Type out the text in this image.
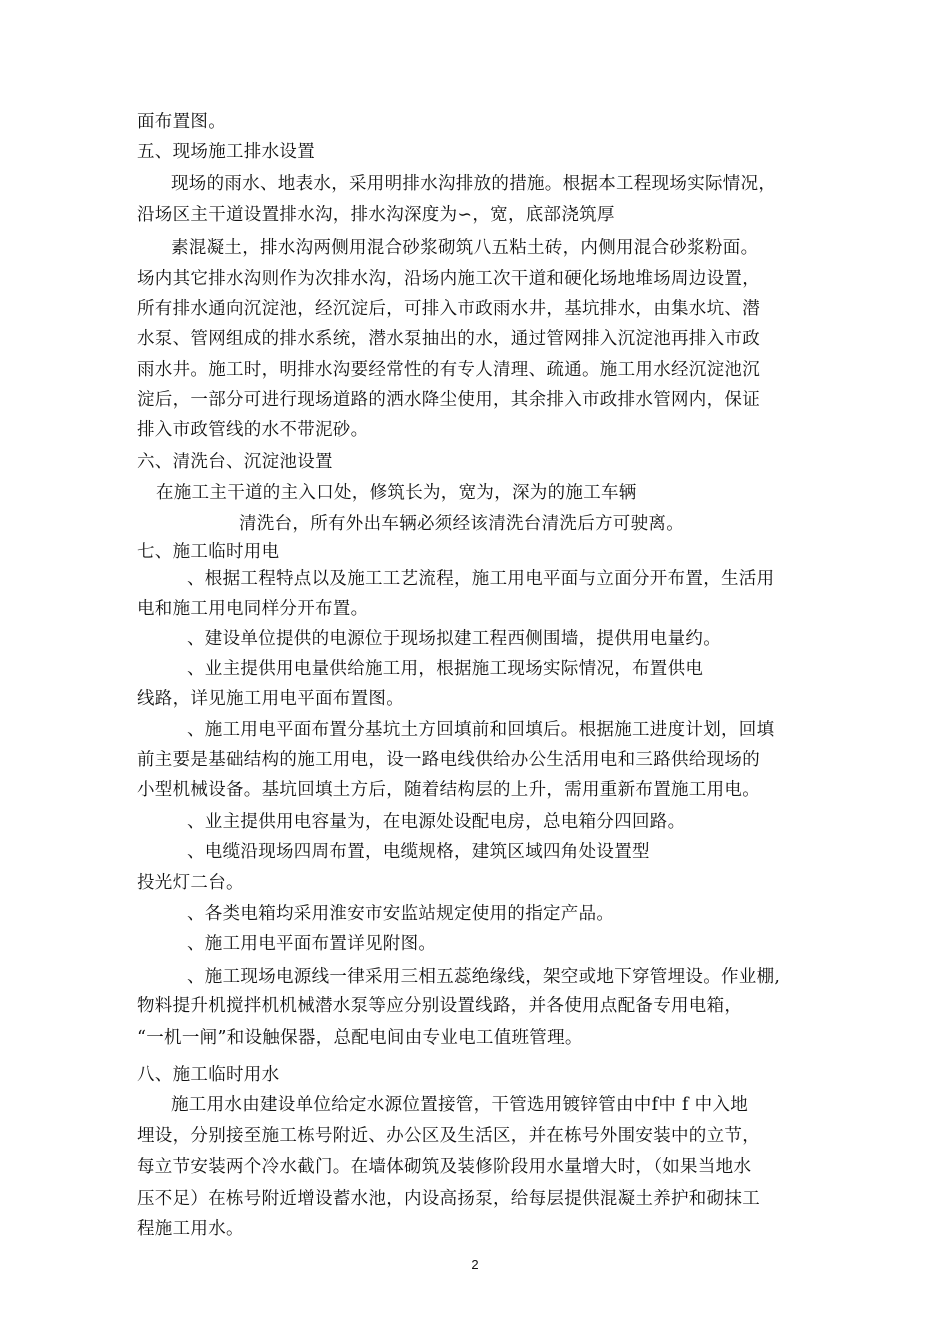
面布置图。
五、现场施工排水设置
现场的雨水、地表水，采用明排水沟排放的措施。根据本工程现场实际情况，
沿场区主干道设置排水沟，排水沟深度为∽，宽，底部浇筑厚
素混凝土，排水沟两侧用混合砂浆砌筑八五粘土砖，内侧用混合砂浆粉面。
场内其它排水沟则作为次排水沟，沿场内施工次干道和硬化场地堆场周边设置，
所有排水通向沉淀池，经沉淀后，可排入市政雨水井，基坑排水，由集水坑、潜
水泵、管网组成的排水系统，潜水泵抽出的水，通过管网排入沉淀池再排入市政
雨水井。施工时，明排水沟要经常性的有专人清理、疏通。施工用水经沉淀池沉
淀后，一部分可进行现场道路的洒水降尘使用，其余排入市政排水管网内，保证
排入市政管线的水不带泥砂。
六、清洗台、沉淀池设置
在施工主干道的主入口处，修筑长为，宽为，深为的施工车辆
清洗台，所有外出车辆必须经该清洗台清洗后方可驶离。
七、施工临时用电
、根据工程特点以及施工工艺流程，施工用电平面与立面分开布置，生活用
电和施工用电同样分开布置。
、建设单位提供的电源位于现场拟建工程西侧围墙，提供用电量约。
、业主提供用电量供给施工用，根据施工现场实际情况，布置供电
线路，详见施工用电平面布置图。
、施工用电平面布置分基坑土方回填前和回填后。根据施工进度计划，回填
前主要是基础结构的施工用电，设一路电线供给办公生活用电和三路供给现场的
小型机械设备。基坑回填土方后，随着结构层的上升，需用重新布置施工用电。
、业主提供用电容量为，在电源处设配电房，总电箱分四回路。
、电缆沿现场四周布置，电缆规格，建筑区域四角处设置型
投光灯二台。
、各类电箱均采用淮安市安监站规定使用的指定产品。
、施工用电平面布置详见附图。
、施工现场电源线一律采用三相五蕊绝缘线，架空或地下穿管埋设。作业棚,
物料提升机搅拌机机械潜水泵等应分别设置线路，并各使用点配备专用电箱，
“一机一闸”和设触保器，总配电间由专业电工值班管理。
八、施工临时用水
施工用水由建设单位给定水源位置接管，干管选用镀锌管由中f中 f 中入地
埋设，分别接至施工栋号附近、办公区及生活区，并在栋号外围安装中的立节，
每立节安装两个冷水截门。在墙体砌筑及装修阶段用水量增大时，（如果当地水
压不足）在栋号附近增设蓄水池，内设高扬泵，给每层提供混凝土养护和砌抹工
程施工用水。
2
